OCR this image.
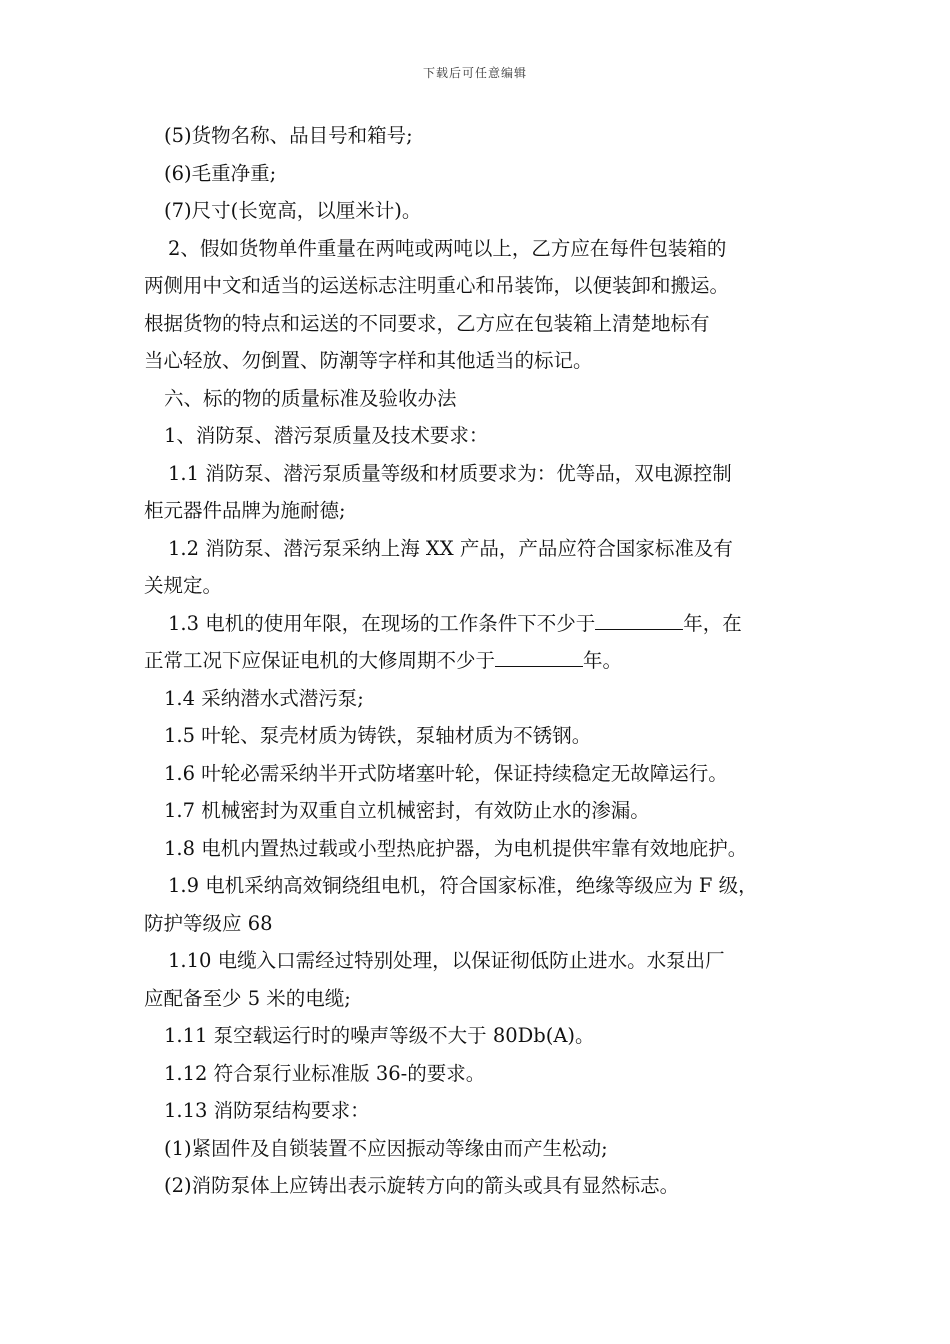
下载后可任意编辑
(5)货物名称、品目号和箱号;
(6)毛重净重;
(7)尺寸(长宽高，以厘米计)。
2、假如货物单件重量在两吨或两吨以上，乙方应在每件包装箱的
两侧用中文和适当的运送标志注明重心和吊装饰，以便装卸和搬运。
根据货物的特点和运送的不同要求，乙方应在包装箱上清楚地标有
当心轻放、勿倒置、防潮等字样和其他适当的标记。
六、标的物的质量标准及验收办法
1、消防泵、潜污泵质量及技术要求：
1.1 消防泵、潜污泵质量等级和材质要求为：优等品，双电源控制
柜元器件品牌为施耐德;
1.2 消防泵、潜污泵采纳上海 XX 产品，产品应符合国家标准及有
关规定。
1.3 电机的使用年限，在现场的工作条件下不少于	年，在
正常工况下应保证电机的大修周期不少于	年。
1.4 采纳潜水式潜污泵;
1.5 叶轮、泵壳材质为铸铁，泵轴材质为不锈钢。
1.6 叶轮必需采纳半开式防堵塞叶轮，保证持续稳定无故障运行。
1.7 机械密封为双重自立机械密封，有效防止水的渗漏。
1.8 电机内置热过载或小型热庇护器，为电机提供牢靠有效地庇护。
1.9 电机采纳高效铜绕组电机，符合国家标准，绝缘等级应为 F 级，
防护等级应 68
1.10 电缆入口需经过特别处理，以保证彻低防止进水。水泵出厂
应配备至少 5 米的电缆;
1.11 泵空载运行时的噪声等级不大于 80Db(A)。
1.12 符合泵行业标准版 36-的要求。
1.13 消防泵结构要求：
(1)紧固件及自锁装置不应因振动等缘由而产生松动;
(2)消防泵体上应铸出表示旋转方向的箭头或具有显然标志。
